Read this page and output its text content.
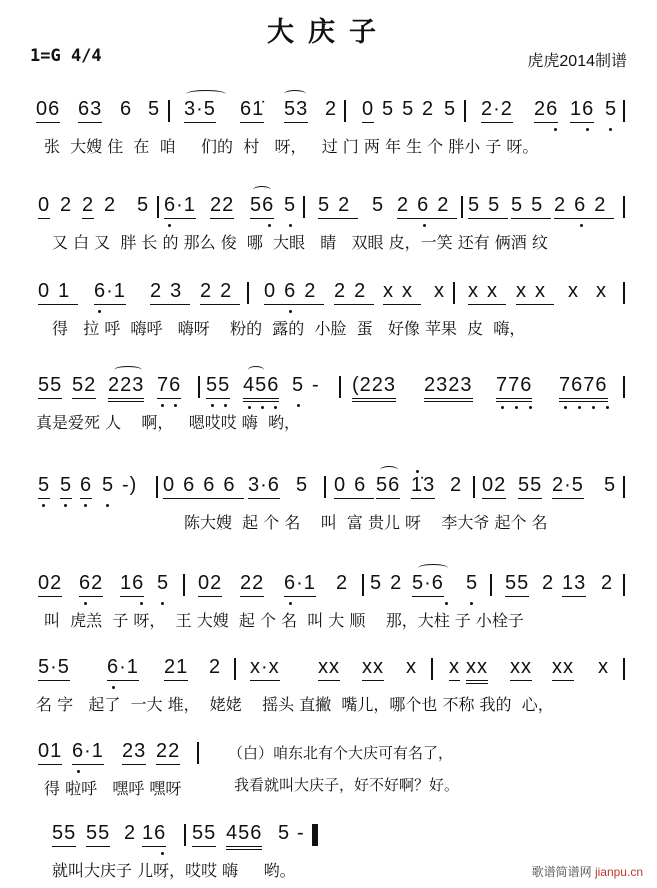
大庆子
1=G 4/4	虎虎2014制谱
06 63 6 5 3·5 61̇ 53 2 0 55 2 5 2·2 26 16 5
张  大嫂 住  在  咱     们的  村   呀，   过 门 两 年 生 个 胖小 子 呀。
0 2 2 2 5 6·1 22 56 5 52 5 262 55 55 262
又 白 又  胖 长 的 那么 俊  哪  大眼   睛   双眼 皮，一笑 还有 俩酒 纹
01 6·1 23 22 062 22 xx x xx xx x x
得   拉 呼  嗨呼   嗨呀    粉的  露的  小脸  蛋   好像 苹果  皮  嗨，
55 52 223 76 55 456 5 - (223 2323 776 7676
真是爱死 人    啊，   嗯哎哎 嗨  哟，
5 5 6 5 -) 0666 3·6 5 06 56 1̇3 2 02 55 2·5 5
陈大嫂  起 个 名    叫  富 贵儿 呀    李大爷 起个 名
02 62 16 5 02 22 6·1 2 52 5·6 5 55 2 13 2
叫  虎羔  子 呀，  王 大嫂  起 个 名  叫 大 顺    那，大柱 子 小栓子
5·5 6·1 21 2 x·x xx xx x x xx xx xx x
名 字   起了  一大 堆，  姥姥    摇头 直撇  嘴儿，哪个也 不称 我的  心，
01 6·1 23 22
得 啦呼   嘿呼 嘿呀
（白）咱东北有个大庆可有名了，
我看就叫大庆子，好不好啊？好。
55 55 2 16 55 456 5 -
就叫大庆子 儿呀，哎哎 嗨     哟。	歌谱简谱网 jianpu.cn
